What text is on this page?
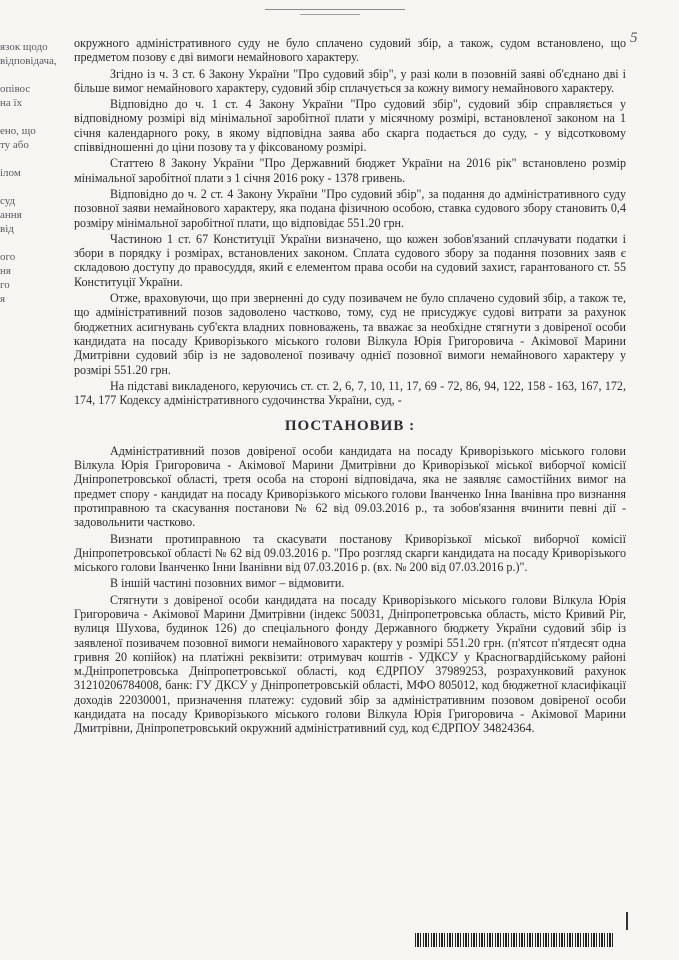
5
язок щодо
відповідача,

опівос
на їх

ено, що
ту або

ілом

суд
ання
від

ого
ня
го
я

окружного адміністративного суду не було сплачено судовий збір, а також, судом встановлено, що предметом позову є дві вимоги немайнового характеру.

Згідно із ч. 3 ст. 6 Закону України "Про судовий збір", у разі коли в позовній заяві об'єднано дві і більше вимог немайнового характеру, судовий збір сплачується за кожну вимогу немайнового характеру.

Відповідно до ч. 1 ст. 4 Закону України "Про судовий збір", судовий збір справляється у відповідному розмірі від мінімальної заробітної плати у місячному розмірі, встановленої законом на 1 січня календарного року, в якому відповідна заява або скарга подається до суду, - у відсотковому співвідношенні до ціни позову та у фіксованому розмірі.

Статтею 8 Закону України "Про Державний бюджет України на 2016 рік" встановлено розмір мінімальної заробітної плати з 1 січня 2016 року - 1378 гривень.

Відповідно до ч. 2 ст. 4 Закону України "Про судовий збір", за подання до адміністративного суду позовної заяви немайнового характеру, яка подана фізичною особою, ставка судового збору становить 0,4 розміру мінімальної заробітної плати, що відповідає 551.20 грн.

Частиною 1 ст. 67 Конституції України визначено, що кожен зобов'язаний сплачувати податки і збори в порядку і розмірах, встановлених законом. Сплата судового збору за подання позовних заяв є складовою доступу до правосуддя, який є елементом права особи на судовий захист, гарантованого ст. 55 Конституції України.

Отже, враховуючи, що при зверненні до суду позивачем не було сплачено судовий збір, а також те, що адміністративний позов задоволено частково, тому, суд не присуджує судові витрати за рахунок бюджетних асигнувань суб'єкта владних повноважень, та вважає за необхідне стягнути з довіреної особи кандидата на посаду Криворізького міського голови Вілкула Юрія Григоровича - Акімової Марини Дмитрівни судовий збір із не задоволеної позивачу однієї позовної вимоги немайнового характеру у розмірі 551.20 грн.

На підставі викладеного, керуючись ст. ст. 2, 6, 7, 10, 11, 17, 69 - 72, 86, 94, 122, 158 - 163, 167, 172, 174, 177 Кодексу адміністративного судочинства України, суд, -

ПОСТАНОВИВ :

Адміністративний позов довіреної особи кандидата на посаду Криворізького міського голови Вілкула Юрія Григоровича - Акімової Марини Дмитрівни до Криворізької міської виборчої комісії Дніпропетровської області, третя особа на стороні відповідача, яка не заявляє самостійних вимог на предмет спору - кандидат на посаду Криворізького міського голови Іванченко Інна Іванівна про визнання протиправною та скасування постанови № 62 від 09.03.2016 р., та зобов'язання вчинити певні дії - задовольнити частково.

Визнати протиправною та скасувати постанову Криворізької міської виборчої комісії Дніпропетровської області № 62 від 09.03.2016 р. "Про розгляд скарги кандидата на посаду Криворізького міського голови Іванченко Інни Іванівни від 07.03.2016 р. (вх. № 200 від 07.03.2016 р.)".

В іншій частині позовних вимог – відмовити.

Стягнути з довіреної особи кандидата на посаду Криворізького міського голови Вілкула Юрія Григоровича - Акімової Марини Дмитрівни (індекс 50031, Дніпропетровська область, місто Кривий Ріг, вулиця Шухова, будинок 126) до спеціального фонду Державного бюджету України судовий збір із заявленої позивачем позовної вимоги немайнового характеру у розмірі 551.20 грн. (п'ятсот п'ятдесят одна гривня 20 копійок) на платіжні реквізити: отримувач коштів - УДКСУ у Красногвардійському районі м.Дніпропетровська Дніпропетровської області, код ЄДРПОУ 37989253, розрахунковий рахунок 31210206784008, банк: ГУ ДКСУ у Дніпропетровській області, МФО 805012, код бюджетної класифікації доходів 22030001, призначення платежу: судовий збір за адміністративним позовом довіреної особи кандидата на посаду Криворізького міського голови Вілкула Юрія Григоровича - Акімової Марини Дмитрівни, Дніпропетровський окружний адміністративний суд, код ЄДРПОУ 34824364.
